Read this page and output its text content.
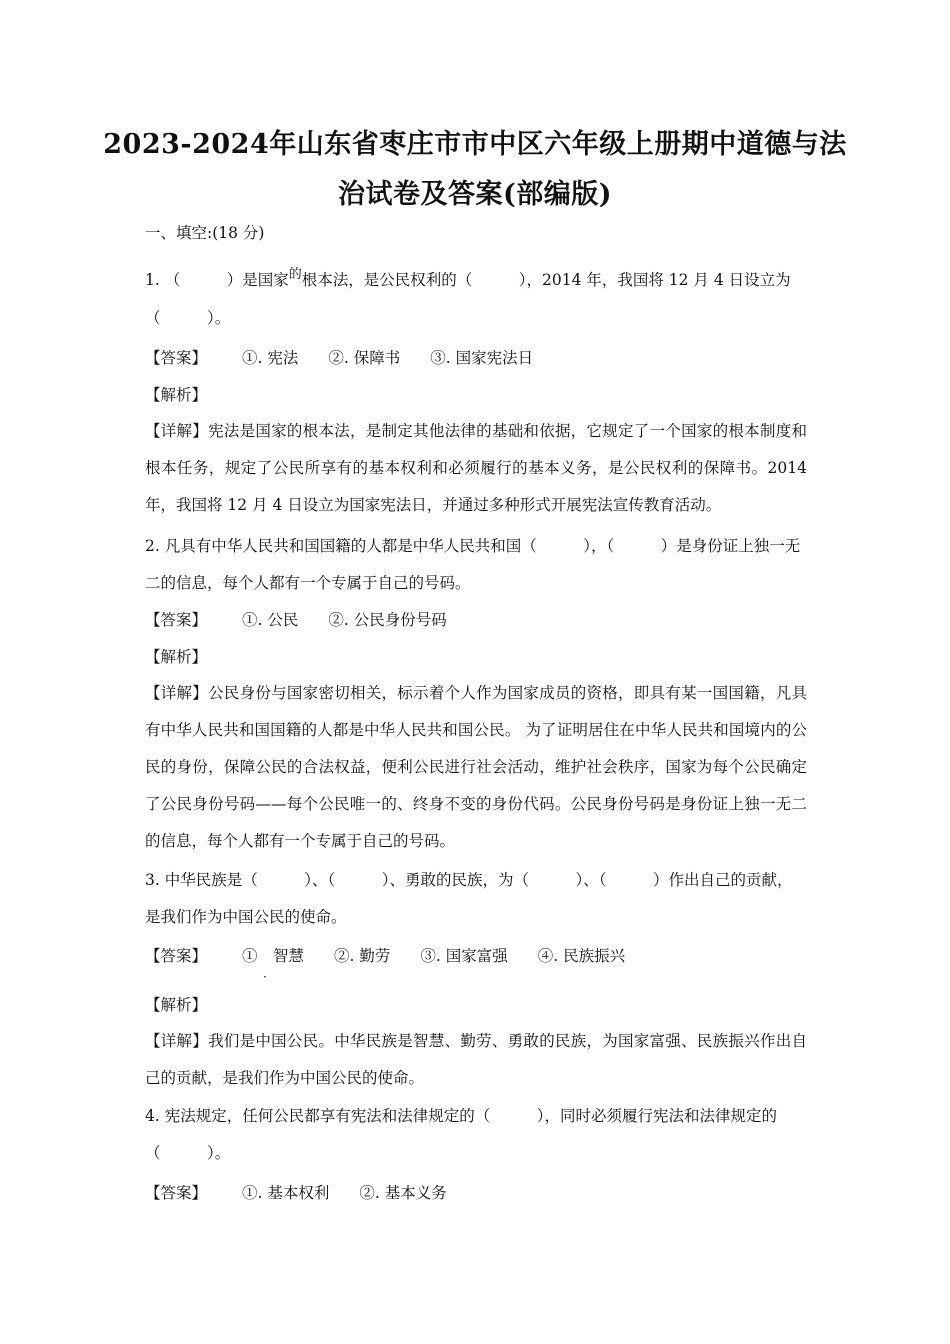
2023-2024年山东省枣庄市市中区六年级上册期中道德与法
治试卷及答案(部编版)

一、填空:(18 分)

1. （　　　）是国家$^的$根本法，是公民权利的（　　　），2014 年，我国将 12 月 4 日设立为（　　　）。

【答案】 ①. 宪法 ②. 保障书 ③. 国家宪法日

【解析】

【详解】宪法是国家的根本法，是制定其他法律的基础和依据，它规定了一个国家的根本制度和根本任务，规定了公民所享有的基本权利和必须履行的基本义务，是公民权利的保障书。2014 年，我国将 12 月 4 日设立为国家宪法日，并通过多种形式开展宪法宣传教育活动。

2. 凡具有中华人民共和国国籍的人都是中华人民共和国（　　　），（　　　）是身份证上独一无二的信息，每个人都有一个专属于自己的号码。

【答案】 ①. 公民 ②. 公民身份号码

【解析】

【详解】公民身份与国家密切相关，标示着个人作为国家成员的资格，即具有某一国国籍，凡具有中华人民共和国国籍的人都是中华人民共和国公民。 为了证明居住在中华人民共和国境内的公民的身份，保障公民的合法权益，便利公民进行社会活动，维护社会秩序，国家为每个公民确定了公民身份号码——每个公民唯一的、终身不变的身份代码。公民身份号码是身份证上独一无二的信息，每个人都有一个专属于自己的号码。

3. 中华民族是（　　　）、（　　　）、勇敢的民族，为（　　　）、（　　　）作出自己的贡献，是我们作为中国公民的使命。

【答案】 ①　智慧 ②. 勤劳 ③. 国家富强 ④. 民族振兴

·

【解析】

【详解】我们是中国公民。中华民族是智慧、勤劳、勇敢的民族，为国家富强、民族振兴作出自己的贡献，是我们作为中国公民的使命。

4. 宪法规定，任何公民都享有宪法和法律规定的（　　　），同时必须履行宪法和法律规定的（　　　）。

【答案】 ①. 基本权利 ②. 基本义务
